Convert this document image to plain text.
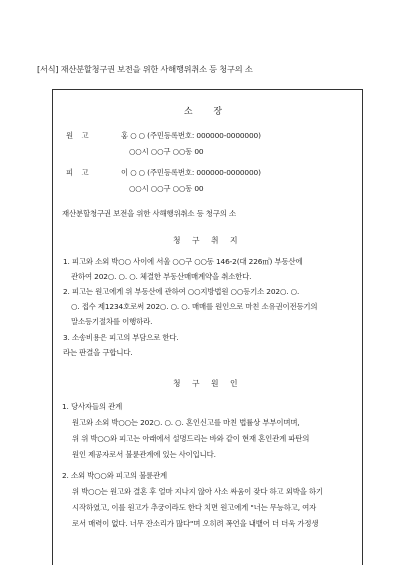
[서식] 재산분할청구권 보전을 위한 사해행위취소 등 청구의 소
소 장
원 고	홍 ○ ○ (주민등록번호: 000000-0000000)
○○시 ○○구 ○○동 00
피 고	이 ○ ○ (주민등록번호: 000000-0000000)
○○시 ○○구 ○○동 00
재산분할청구권 보전을 위한 사해행위취소 등 청구의 소
청 구 취 지
1. 피고와 소외 박○○ 사이에 서울 ○○구 ○○동 146-2(대 226㎡) 부동산에
관하여 202○. ○. ○. 체결한 부동산매매계약을 취소한다.
2. 피고는 원고에게 위 부동산에 관하여 ○○지방법원 ○○등기소 202○. ○.
○. 접수 제1234호로써 202○. ○. ○. 매매를 원인으로 마친 소유권이전등기의
말소등기절차를 이행하라.
3. 소송비용은 피고의 부담으로 한다.
라는 판결을 구합니다.
청 구 원 인
1. 당사자들의 관계
원고와 소외 박○○는 202○. ○. ○. 혼인신고를 마친 법률상 부부이며며,
위 위 박○○와 피고는 아래에서 설명드리는 바와 같이 현재 혼인관계 파탄의
원인 제공자로서 불륜관계에 있는 사이입니다.
2. 소외 박○○와 피고의 불륜관계
위 박○○는 원고와 결혼 후 얼마 지나지 않아 사소 싸움이 잦다 하고 외박을 하기
시작하였고, 이를 원고가 추궁이라도 한다 치면 원고에게 "너는 무능하고, 여자
로서 매력이 없다. 너무 잔소리가 많다"며 오히려 폭언을 내뱉어 더 더욱 가정생
